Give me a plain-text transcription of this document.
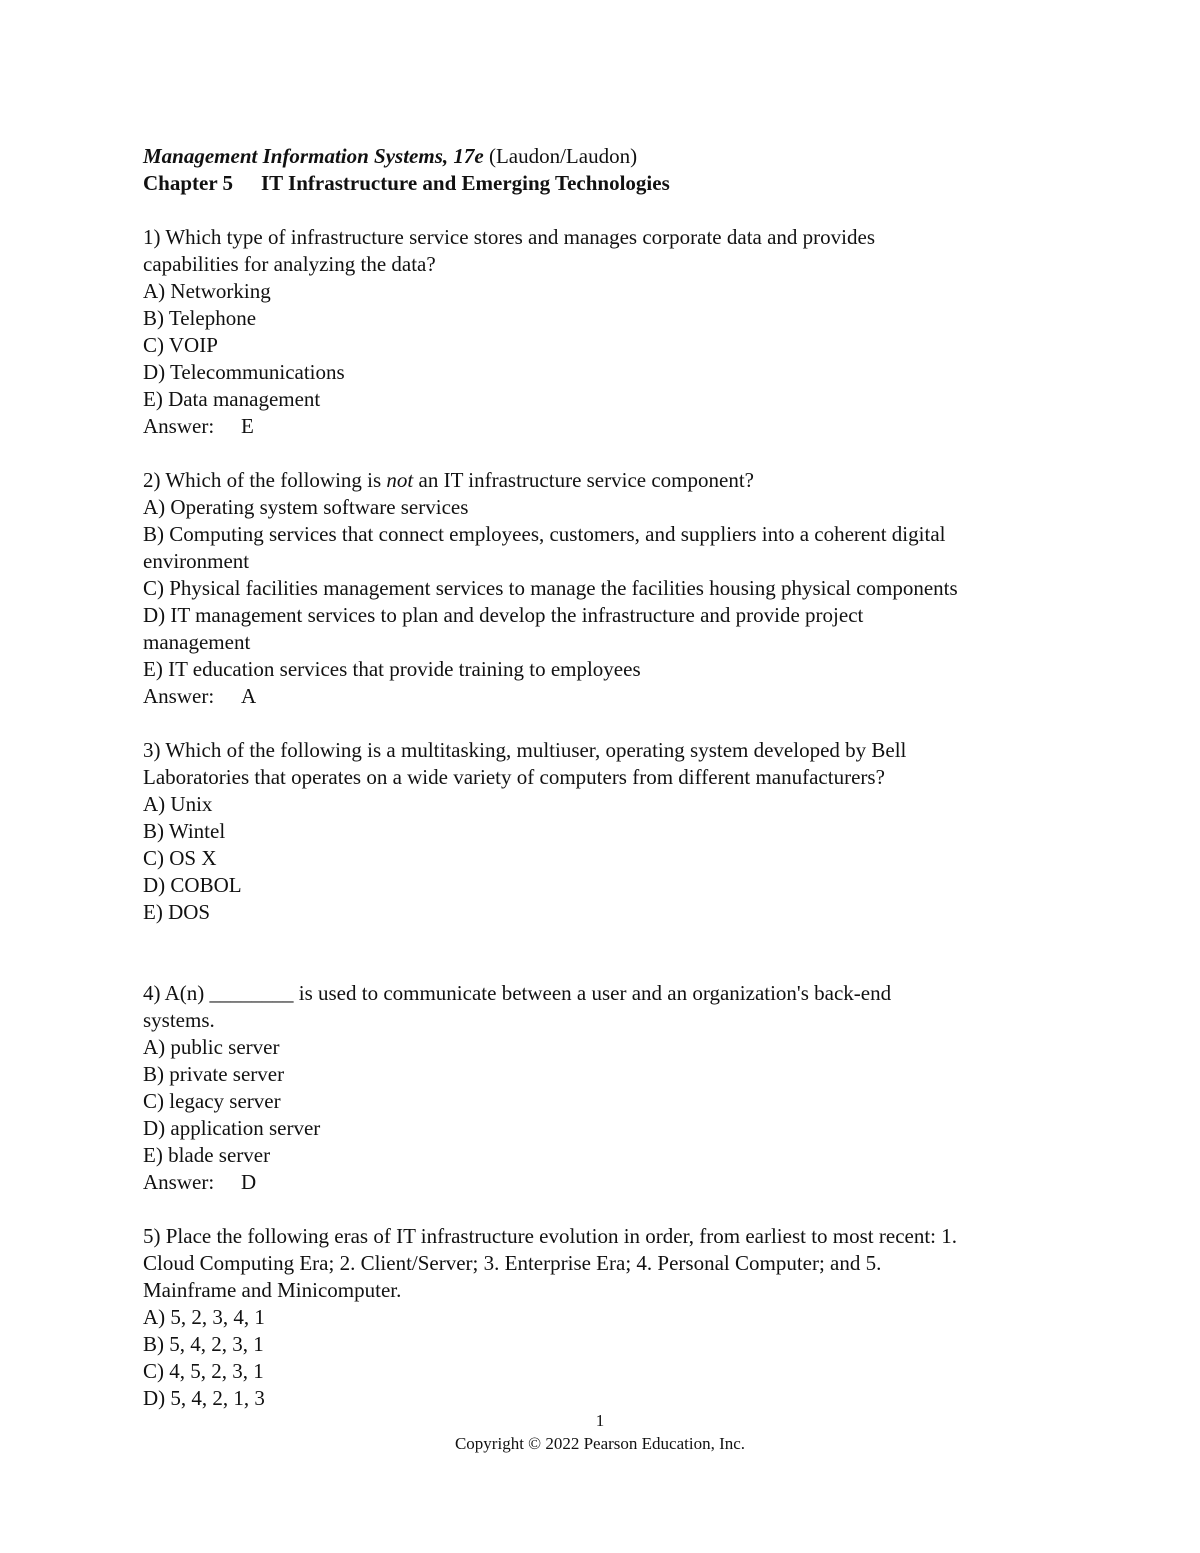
Management Information Systems, 17e (Laudon/Laudon)
Chapter 5 IT Infrastructure and Emerging Technologies
1) Which type of infrastructure service stores and manages corporate data and provides
capabilities for analyzing the data?
A) Networking
B) Telephone
C) VOIP
D) Telecommunications
E) Data management
Answer: E
2) Which of the following is not an IT infrastructure service component?
A) Operating system software services
B) Computing services that connect employees, customers, and suppliers into a coherent digital
environment
C) Physical facilities management services to manage the facilities housing physical components
D) IT management services to plan and develop the infrastructure and provide project
management
E) IT education services that provide training to employees
Answer: A
3) Which of the following is a multitasking, multiuser, operating system developed by Bell
Laboratories that operates on a wide variety of computers from different manufacturers?
A) Unix
B) Wintel
C) OS X
D) COBOL
E) DOS
4) A(n) ________ is used to communicate between a user and an organization's back-end
systems.
A) public server
B) private server
C) legacy server
D) application server
E) blade server
Answer: D
5) Place the following eras of IT infrastructure evolution in order, from earliest to most recent: 1.
Cloud Computing Era; 2. Client/Server; 3. Enterprise Era; 4. Personal Computer; and 5.
Mainframe and Minicomputer.
A) 5, 2, 3, 4, 1
B) 5, 4, 2, 3, 1
C) 4, 5, 2, 3, 1
D) 5, 4, 2, 1, 3
1
Copyright © 2022 Pearson Education, Inc.
